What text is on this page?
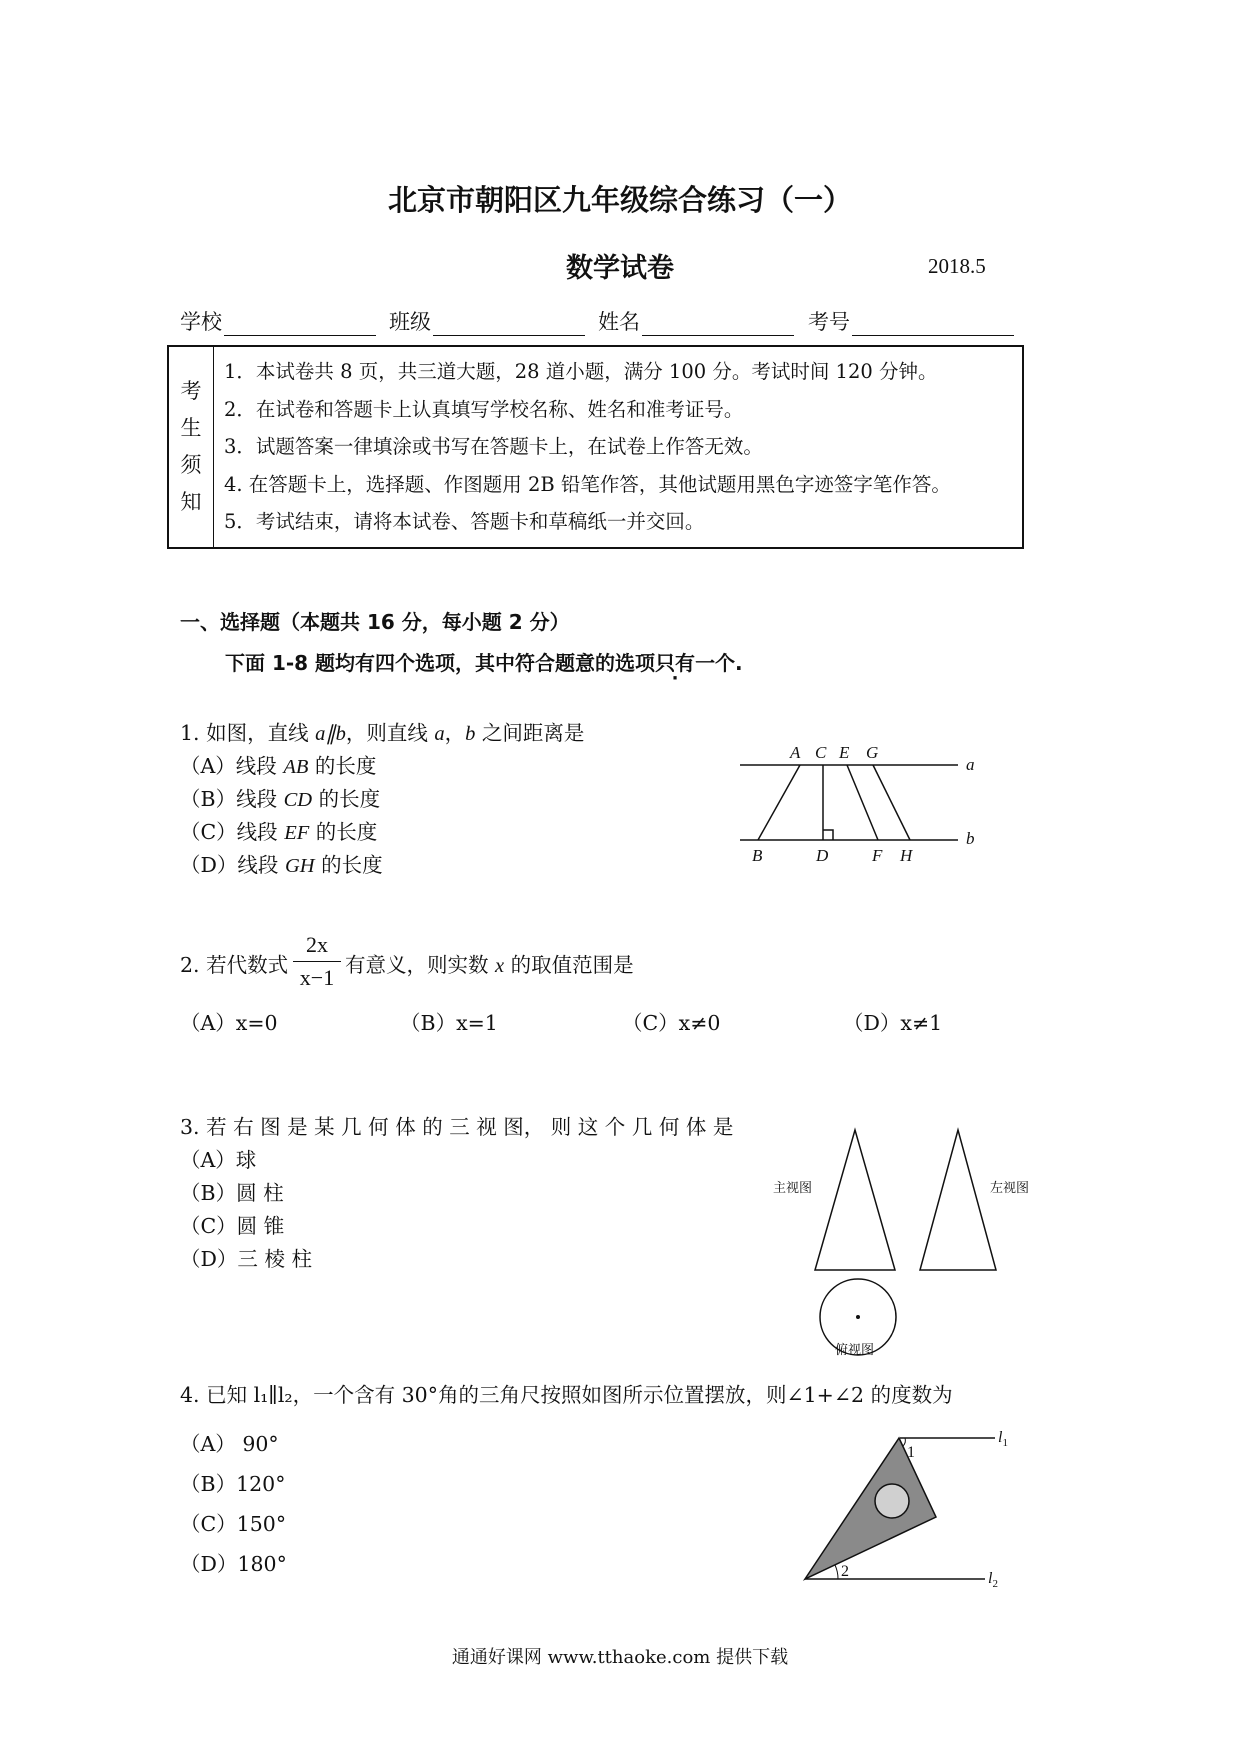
北京市朝阳区九年级综合练习（一）
数学试卷	2018.5
学校	班级	姓名	考号
考
生
须
知

1．本试卷共 8 页，共三道大题，28 道小题，满分 100 分。考试时间 120 分钟。
2．在试卷和答题卡上认真填写学校名称、姓名和准考证号。
3．试题答案一律填涂或书写在答题卡上，在试卷上作答无效。
4. 在答题卡上，选择题、作图题用 2B 铅笔作答，其他试题用黑色字迹签字笔作答。
5．考试结束，请将本试卷、答题卡和草稿纸一并交回。
一、选择题（本题共 16 分，每小题 2 分）
下面 1-8 题均有四个选项，其中符合题意的选项只有一个.
1. 如图，直线 a∥b，则直线 a，b 之间距离是
（A）线段 AB 的长度
（B）线段 CD 的长度
（C）线段 EF 的长度
（D）线段 GH 的长度
A C E G
B	D	F H
a
b
2. 若代数式 $\frac{2x}{x-1}$ 有意义，则实数 x 的取值范围是
（A）x=0	（B）x=1	（C）x≠0	（D）x≠1
3. 若 右 图 是 某 几 何 体 的 三 视 图， 则 这 个 几 何 体 是
（A）球
（B）圆 柱
（C）圆 锥
（D）三 棱 柱
主视图	左视图
俯视图
4. 已知 l₁∥l₂，一个含有 30°角的三角尺按照如图所示位置摆放，则∠1+∠2 的度数为
（A） 90°
（B）120°
（C）150°
（D）180°
1
2
$l_1$
$l_2$
通通好课网 www.tthaoke.com 提供下载
